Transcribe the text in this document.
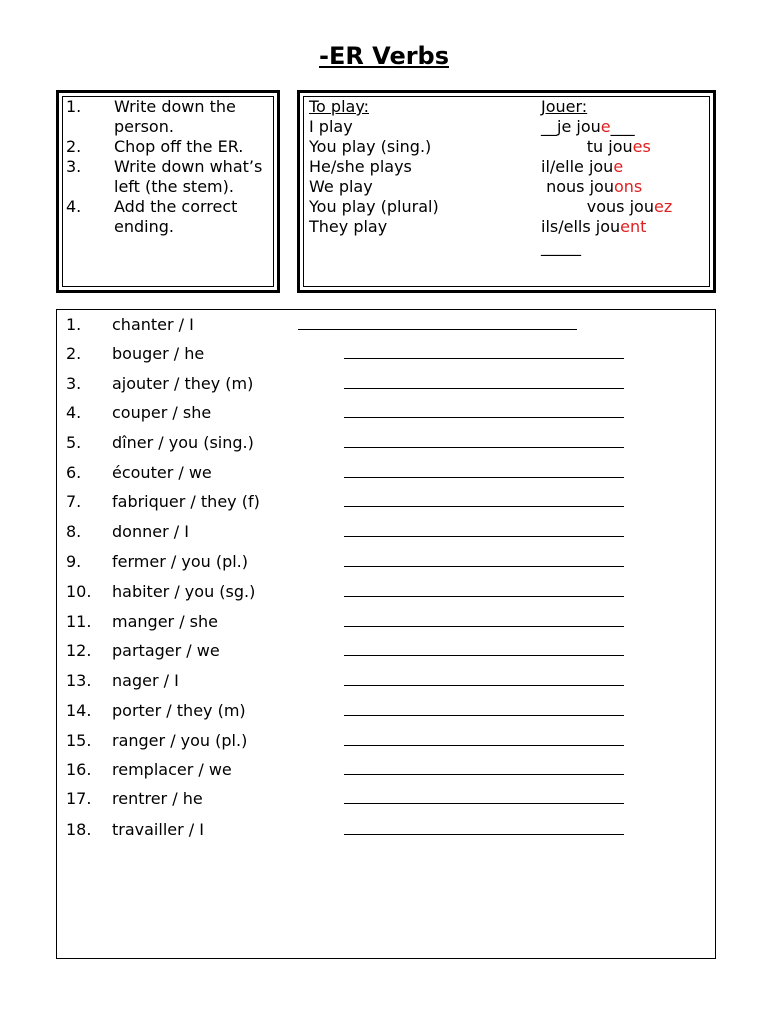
-ER Verbs
1. Write down the person.
2. Chop off the ER.
3. Write down what’s left (the stem).
4. Add the correct ending.
To play:
I play
You play (sing.)
He/she plays
We play
You play (plural)
They play
Jouer:
__je joue___
tu joues
il/elle joue
nous jouons
vous jouez
ils/ells jouent
_____
1. chanter / I
2. bouger / he
3. ajouter / they (m)
4. couper / she
5. dîner / you (sing.)
6. écouter / we
7. fabriquer / they (f)
8. donner / I
9. fermer / you (pl.)
10. habiter / you (sg.)
11. manger / she
12. partager / we
13. nager / I
14. porter / they (m)
15. ranger / you (pl.)
16. remplacer / we
17. rentrer / he
18. travailler / I
